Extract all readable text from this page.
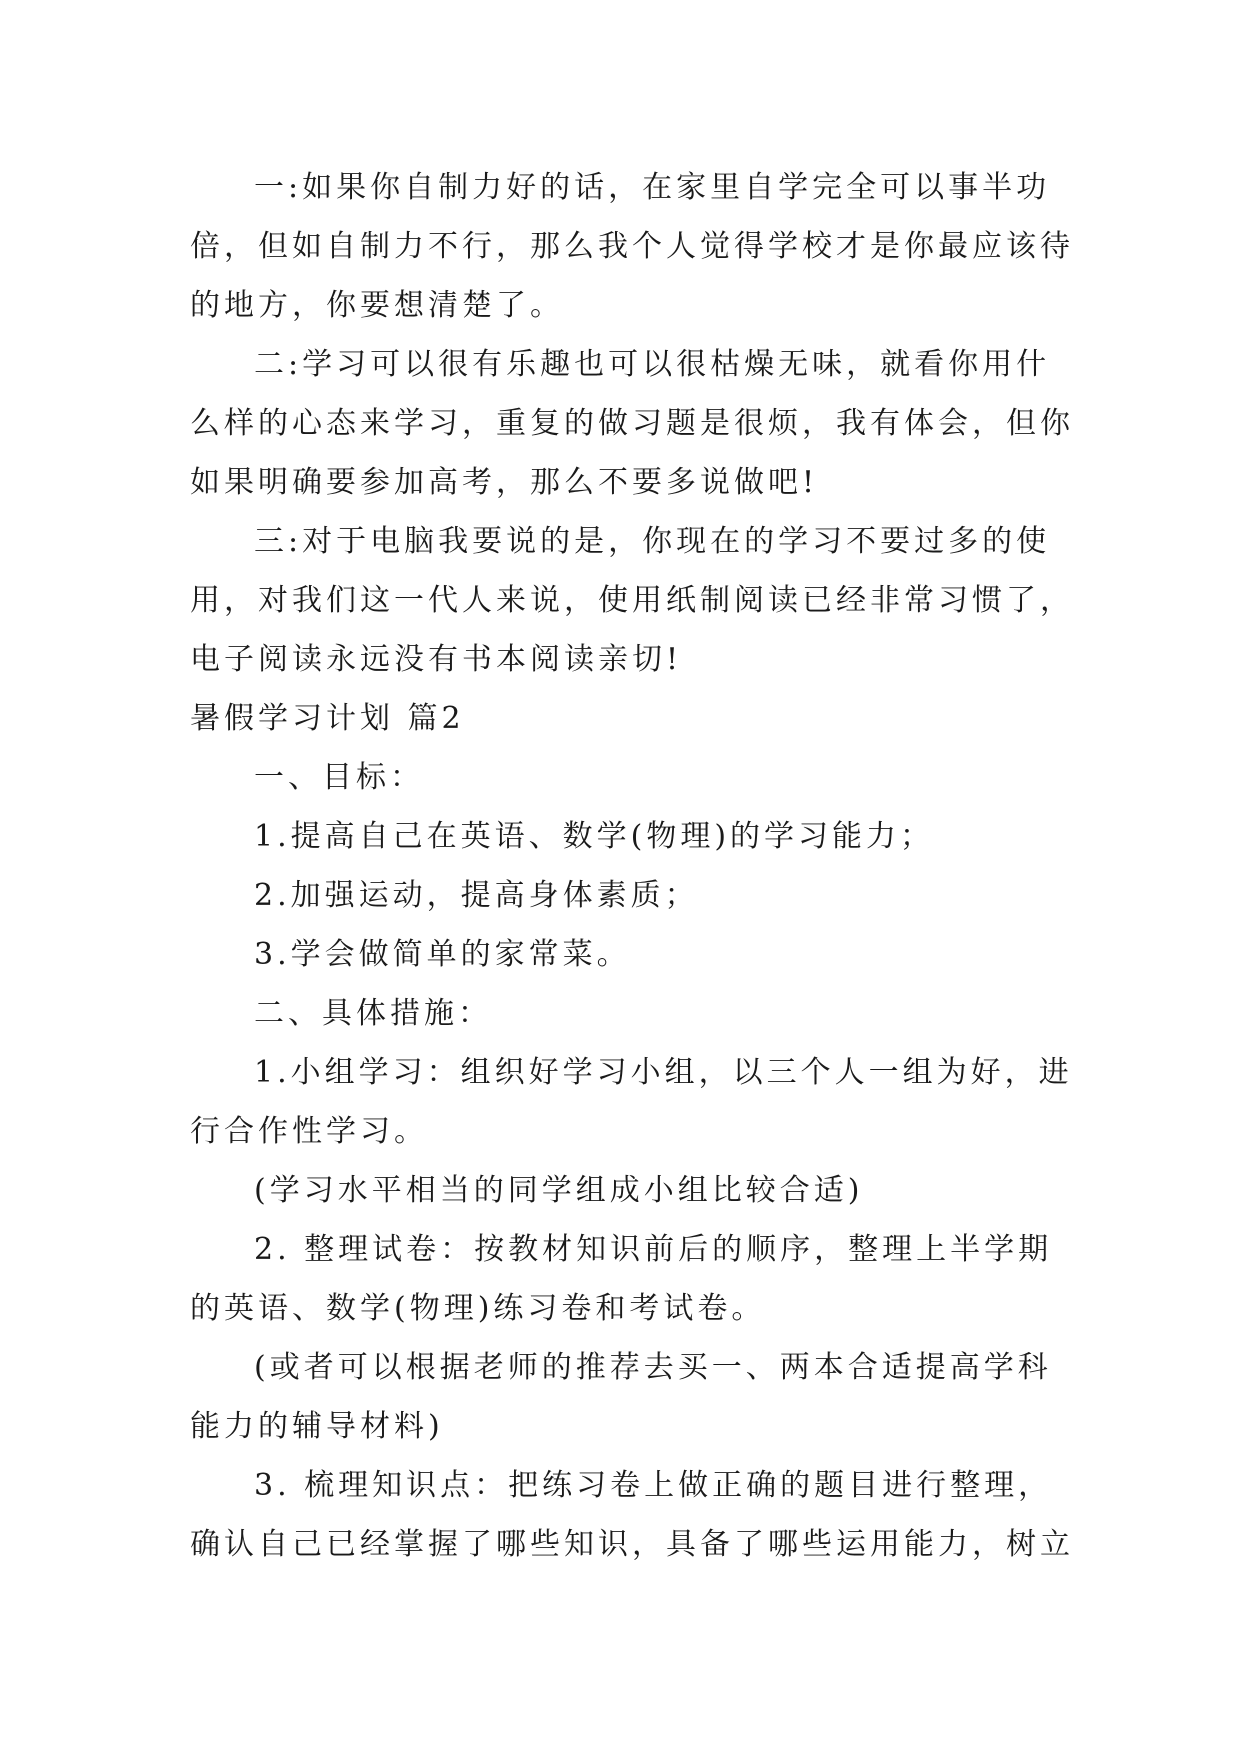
一:如果你自制力好的话，在家里自学完全可以事半功
倍，但如自制力不行，那么我个人觉得学校才是你最应该待
的地方，你要想清楚了。
二:学习可以很有乐趣也可以很枯燥无味，就看你用什
么样的心态来学习，重复的做习题是很烦，我有体会，但你
如果明确要参加高考，那么不要多说做吧!
三:对于电脑我要说的是，你现在的学习不要过多的使
用，对我们这一代人来说，使用纸制阅读已经非常习惯了，
电子阅读永远没有书本阅读亲切!
暑假学习计划 篇2
一、目标：
1.提高自己在英语、数学(物理)的学习能力；
2.加强运动，提高身体素质；
3.学会做简单的家常菜。
二、具体措施：
1.小组学习：组织好学习小组，以三个人一组为好，进
行合作性学习。
(学习水平相当的同学组成小组比较合适)
2. 整理试卷：按教材知识前后的顺序，整理上半学期
的英语、数学(物理)练习卷和考试卷。
(或者可以根据老师的推荐去买一、两本合适提高学科
能力的辅导材料)
3. 梳理知识点：把练习卷上做正确的题目进行整理，
确认自己已经掌握了哪些知识，具备了哪些运用能力，树立
